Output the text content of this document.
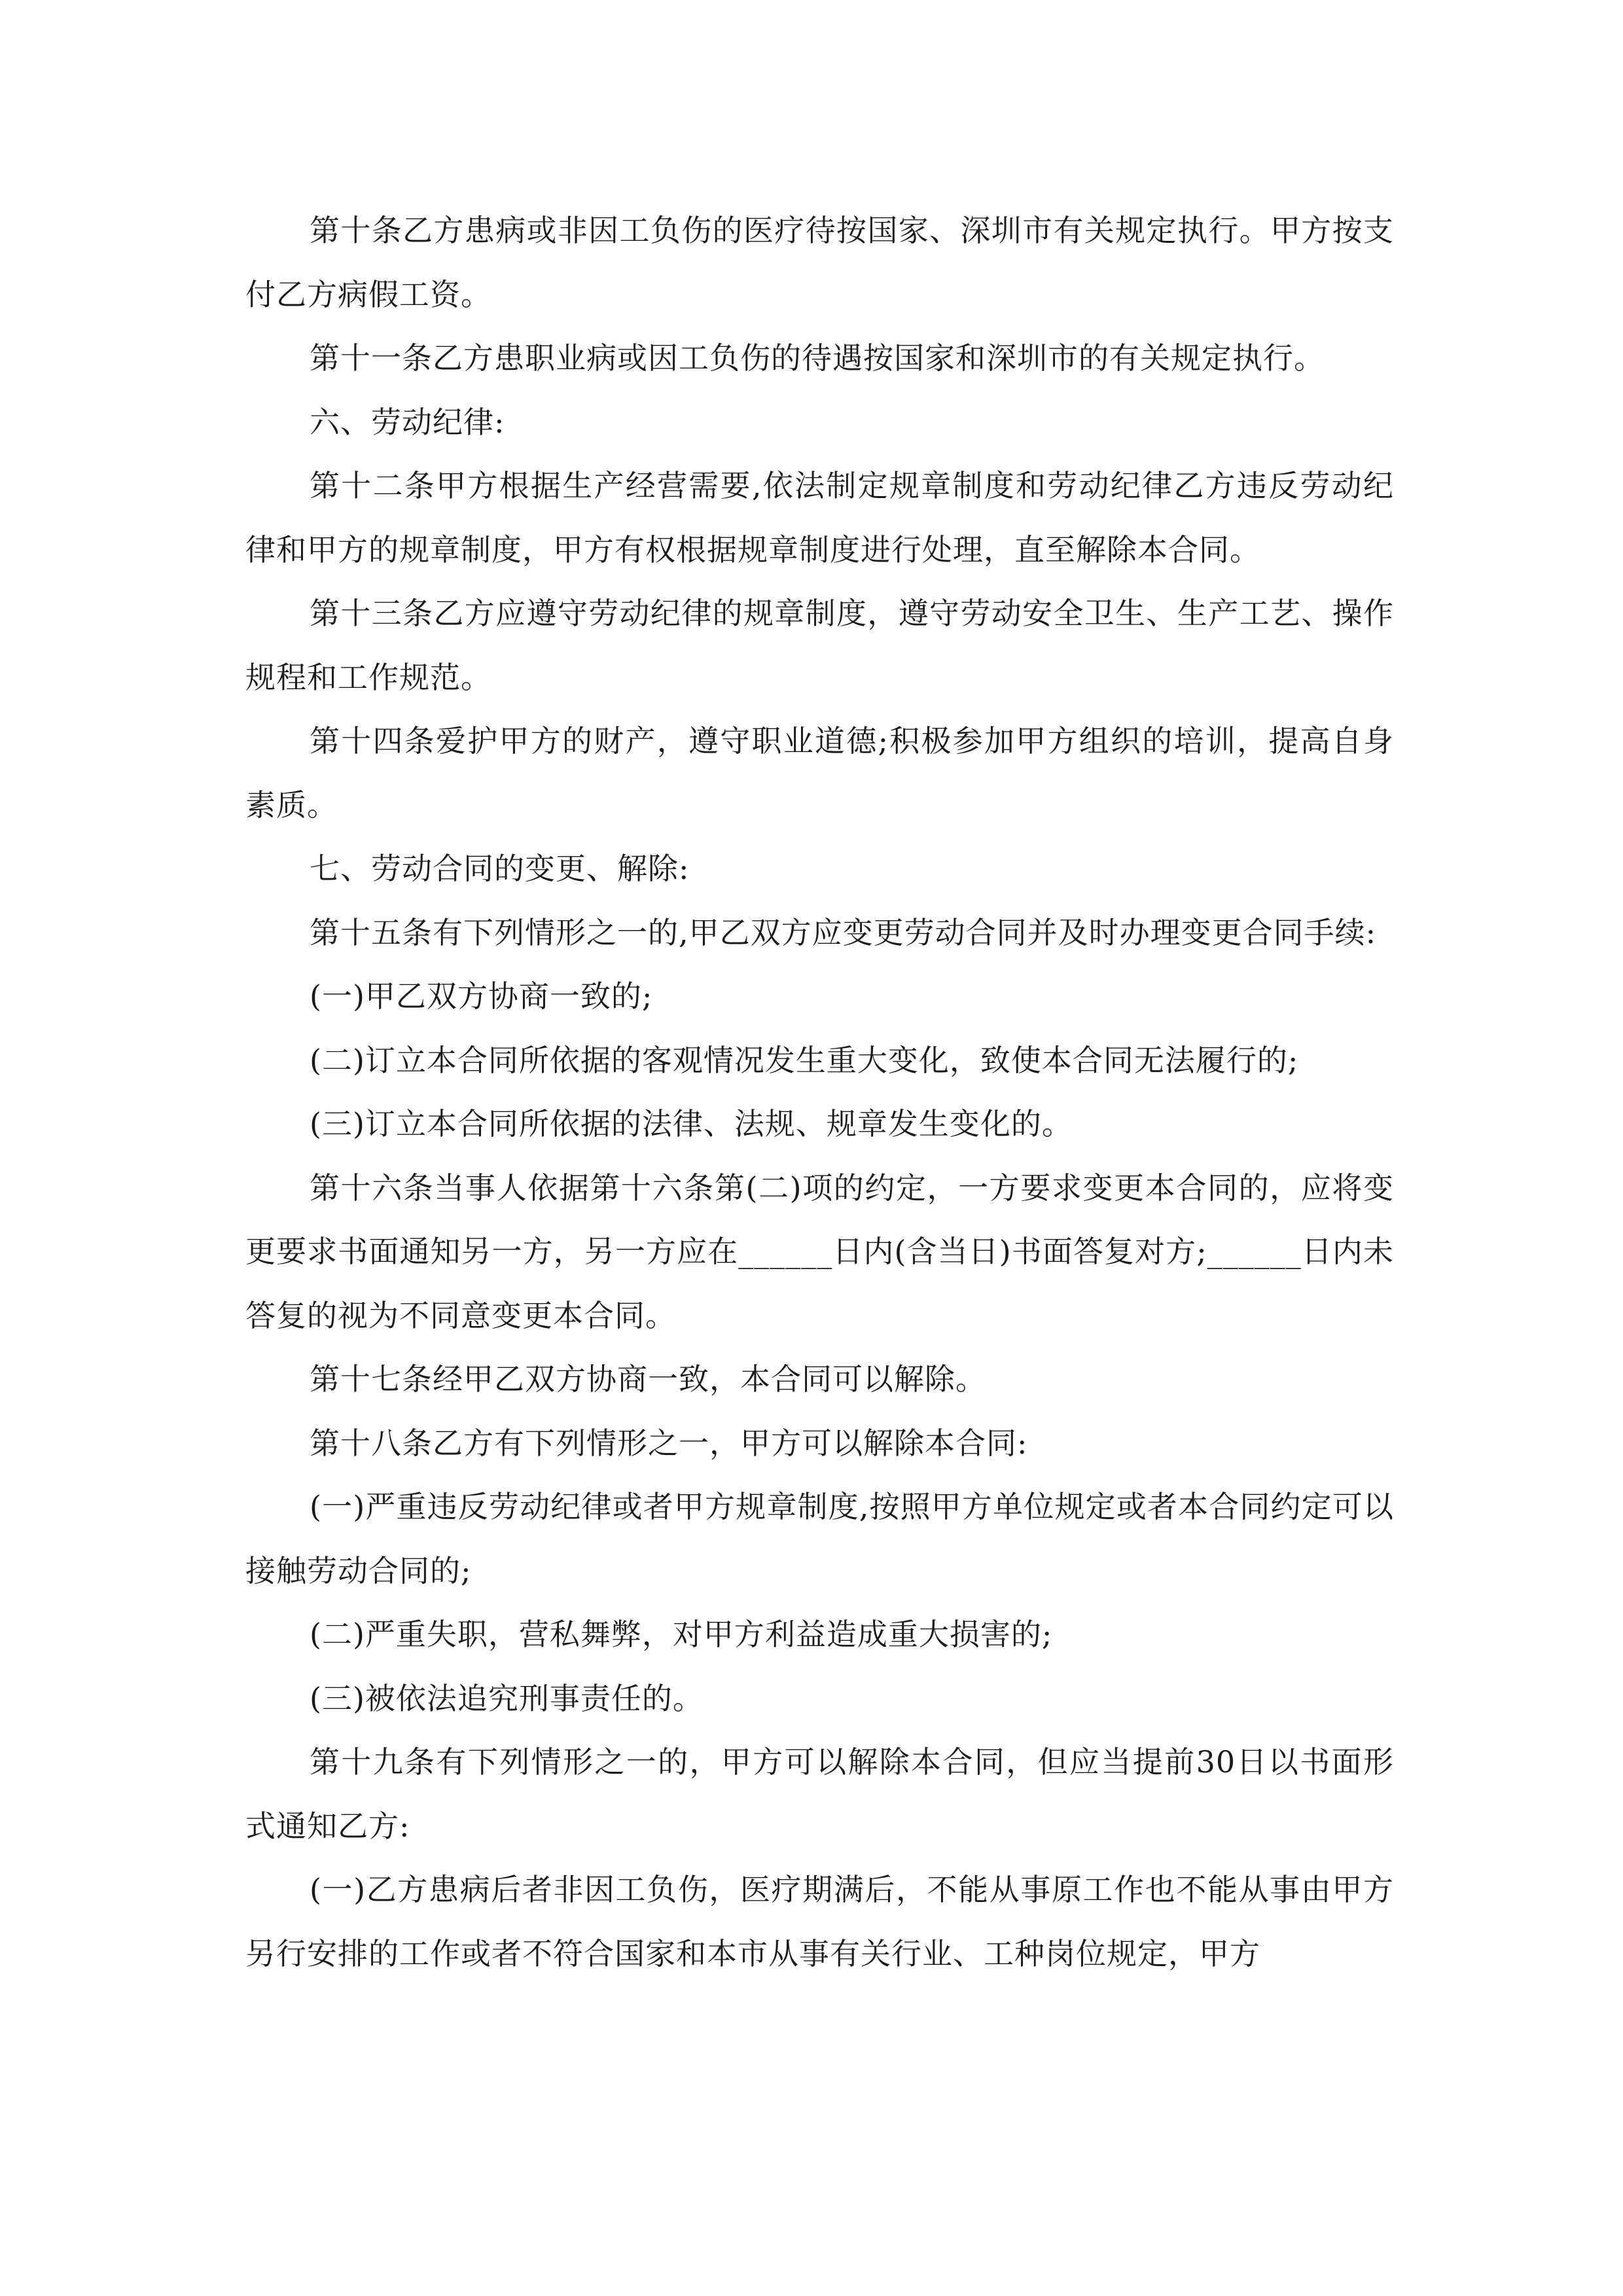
第十条乙方患病或非因工负伤的医疗待按国家、深圳市有关规定执行。甲方按支付乙方病假工资。

第十一条乙方患职业病或因工负伤的待遇按国家和深圳市的有关规定执行。

六、劳动纪律:

第十二条甲方根据生产经营需要,依法制定规章制度和劳动纪律乙方违反劳动纪律和甲方的规章制度，甲方有权根据规章制度进行处理，直至解除本合同。

第十三条乙方应遵守劳动纪律的规章制度，遵守劳动安全卫生、生产工艺、操作规程和工作规范。

第十四条爱护甲方的财产，遵守职业道德;积极参加甲方组织的培训，提高自身素质。

七、劳动合同的变更、解除:

第十五条有下列情形之一的,甲乙双方应变更劳动合同并及时办理变更合同手续:

(一)甲乙双方协商一致的;

(二)订立本合同所依据的客观情况发生重大变化，致使本合同无法履行的;

(三)订立本合同所依据的法律、法规、规章发生变化的。

第十六条当事人依据第十六条第(二)项的约定，一方要求变更本合同的，应将变更要求书面通知另一方，另一方应在______日内(含当日)书面答复对方;______日内未答复的视为不同意变更本合同。

第十七条经甲乙双方协商一致，本合同可以解除。

第十八条乙方有下列情形之一，甲方可以解除本合同:

(一)严重违反劳动纪律或者甲方规章制度,按照甲方单位规定或者本合同约定可以接触劳动合同的;

(二)严重失职，营私舞弊，对甲方利益造成重大损害的;

(三)被依法追究刑事责任的。

第十九条有下列情形之一的，甲方可以解除本合同，但应当提前30日以书面形式通知乙方:

(一)乙方患病后者非因工负伤，医疗期满后，不能从事原工作也不能从事由甲方另行安排的工作或者不符合国家和本市从事有关行业、工种岗位规定，甲方
